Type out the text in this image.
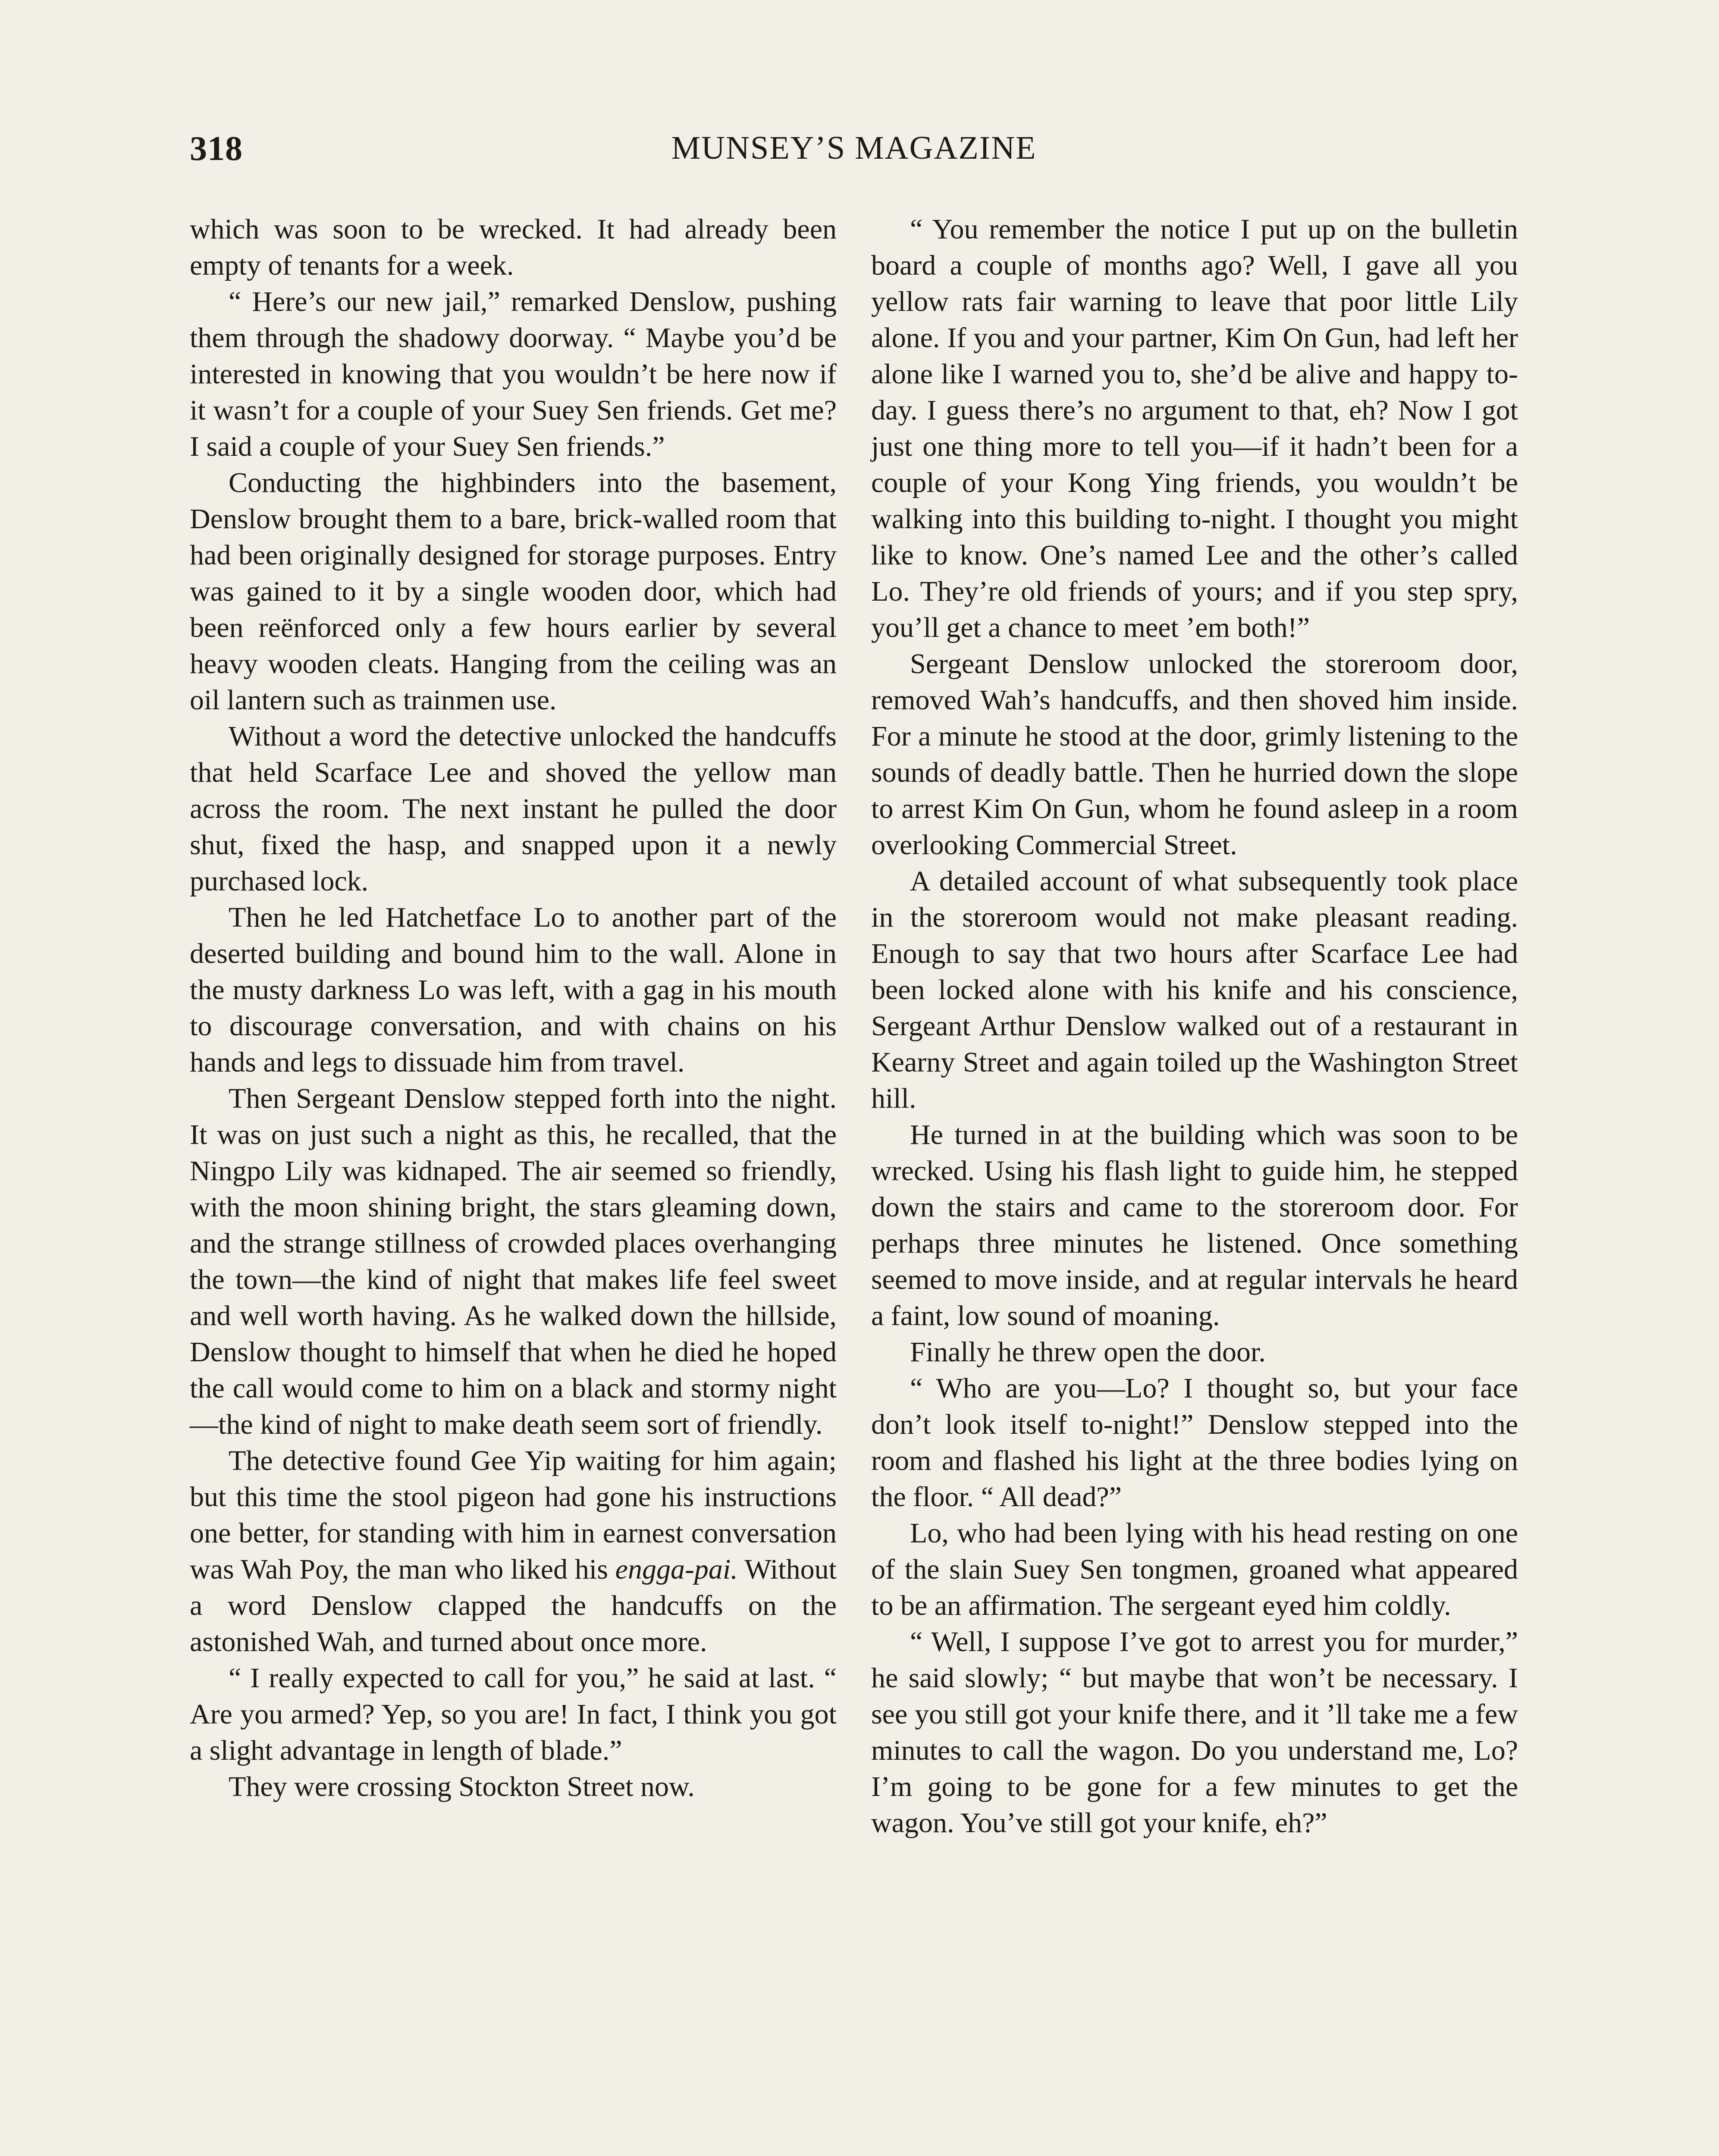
318	MUNSEY’S MAGAZINE

which was soon to be wrecked. It had already been empty of tenants for a week.

“ Here’s our new jail,” remarked Denslow, pushing them through the shadowy doorway. “ Maybe you’d be interested in knowing that you wouldn’t be here now if it wasn’t for a couple of your Suey Sen friends. Get me? I said a couple of your Suey Sen friends.”

Conducting the highbinders into the basement, Denslow brought them to a bare, brick-walled room that had been originally designed for storage purposes. Entry was gained to it by a single wooden door, which had been reënforced only a few hours earlier by several heavy wooden cleats. Hanging from the ceiling was an oil lantern such as trainmen use.

Without a word the detective unlocked the handcuffs that held Scarface Lee and shoved the yellow man across the room. The next instant he pulled the door shut, fixed the hasp, and snapped upon it a newly purchased lock.

Then he led Hatchetface Lo to another part of the deserted building and bound him to the wall. Alone in the musty darkness Lo was left, with a gag in his mouth to discourage conversation, and with chains on his hands and legs to dissuade him from travel.

Then Sergeant Denslow stepped forth into the night. It was on just such a night as this, he recalled, that the Ningpo Lily was kidnaped. The air seemed so friendly, with the moon shining bright, the stars gleaming down, and the strange stillness of crowded places overhanging the town—the kind of night that makes life feel sweet and well worth having. As he walked down the hillside, Denslow thought to himself that when he died he hoped the call would come to him on a black and stormy night—the kind of night to make death seem sort of friendly.

The detective found Gee Yip waiting for him again; but this time the stool pigeon had gone his instructions one better, for standing with him in earnest conversation was Wah Poy, the man who liked his engga-pai. Without a word Denslow clapped the handcuffs on the astonished Wah, and turned about once more.

“ I really expected to call for you,” he said at last. “ Are you armed? Yep, so you are! In fact, I think you got a slight advantage in length of blade.”

They were crossing Stockton Street now.

“ You remember the notice I put up on the bulletin board a couple of months ago? Well, I gave all you yellow rats fair warning to leave that poor little Lily alone. If you and your partner, Kim On Gun, had left her alone like I warned you to, she’d be alive and happy to-day. I guess there’s no argument to that, eh? Now I got just one thing more to tell you—if it hadn’t been for a couple of your Kong Ying friends, you wouldn’t be walking into this building to-night. I thought you might like to know. One’s named Lee and the other’s called Lo. They’re old friends of yours; and if you step spry, you’ll get a chance to meet ’em both!”

Sergeant Denslow unlocked the storeroom door, removed Wah’s handcuffs, and then shoved him inside. For a minute he stood at the door, grimly listening to the sounds of deadly battle. Then he hurried down the slope to arrest Kim On Gun, whom he found asleep in a room overlooking Commercial Street.

A detailed account of what subsequently took place in the storeroom would not make pleasant reading. Enough to say that two hours after Scarface Lee had been locked alone with his knife and his conscience, Sergeant Arthur Denslow walked out of a restaurant in Kearny Street and again toiled up the Washington Street hill.

He turned in at the building which was soon to be wrecked. Using his flash light to guide him, he stepped down the stairs and came to the storeroom door. For perhaps three minutes he listened. Once something seemed to move inside, and at regular intervals he heard a faint, low sound of moaning.

Finally he threw open the door.

“ Who are you—Lo? I thought so, but your face don’t look itself to-night!” Denslow stepped into the room and flashed his light at the three bodies lying on the floor. “ All dead?”

Lo, who had been lying with his head resting on one of the slain Suey Sen tongmen, groaned what appeared to be an affirmation. The sergeant eyed him coldly.

“ Well, I suppose I’ve got to arrest you for murder,” he said slowly; “ but maybe that won’t be necessary. I see you still got your knife there, and it ’ll take me a few minutes to call the wagon. Do you understand me, Lo? I’m going to be gone for a few minutes to get the wagon. You’ve still got your knife, eh?”
